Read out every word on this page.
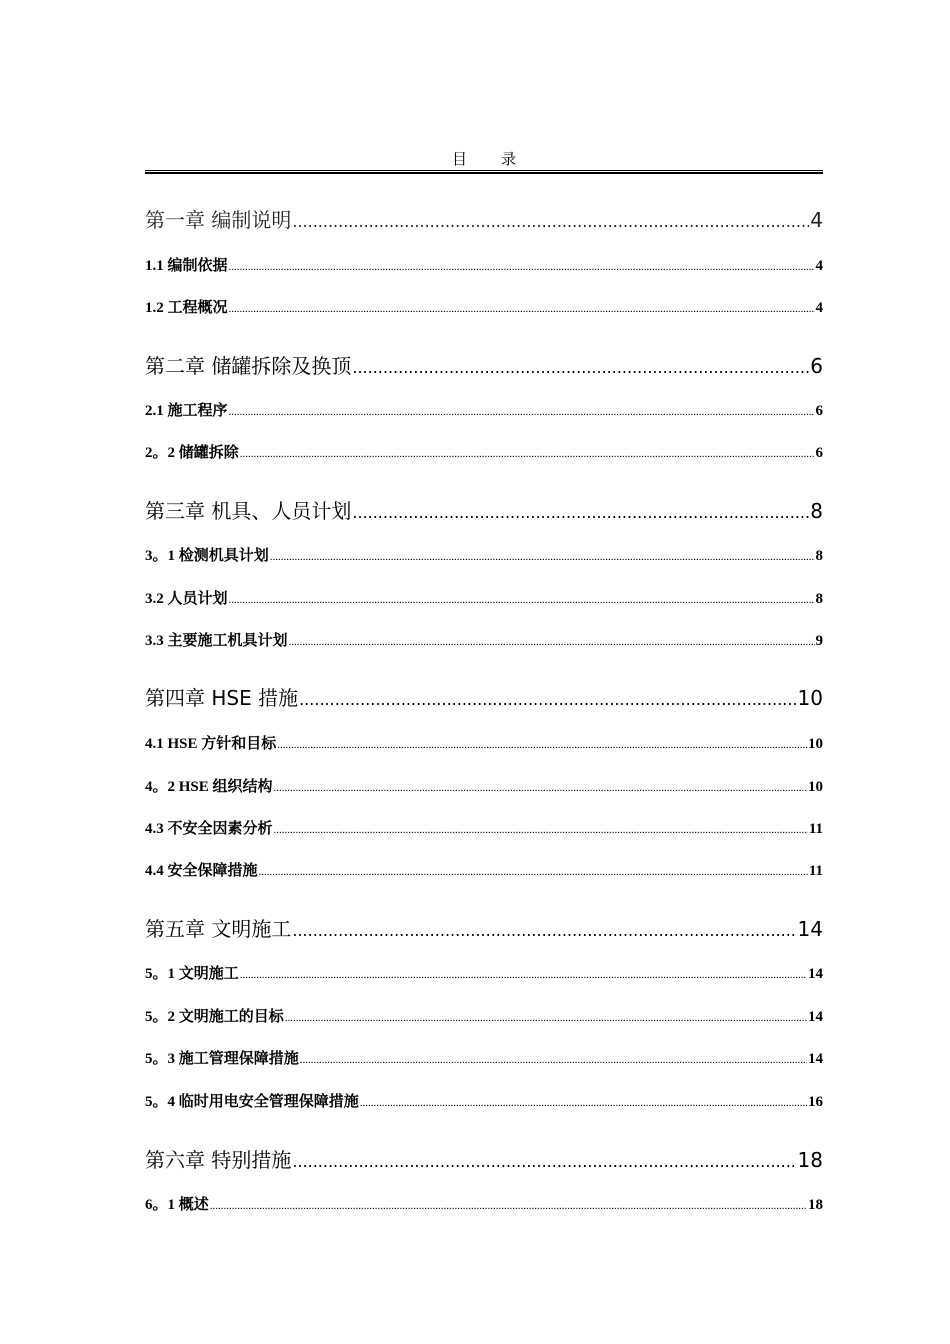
目 录
第一章 编制说明 .....	4
1.1 编制依据 .....	4
1.2 工程概况 .....	4
第二章 储罐拆除及换顶 .....	6
2.1 施工程序 .....	6
2。2 储罐拆除 .....	6
第三章 机具、人员计划 .....	8
3。1 检测机具计划 .....	8
3.2 人员计划 .....	8
3.3 主要施工机具计划 .....	9
第四章 HSE 措施 .....	10
4.1 HSE 方针和目标 .....	10
4。2 HSE 组织结构 .....	10
4.3 不安全因素分析 .....	11
4.4 安全保障措施 .....	11
第五章 文明施工 .....	14
5。1 文明施工 .....	14
5。2 文明施工的目标 .....	14
5。3 施工管理保障措施 .....	14
5。4 临时用电安全管理保障措施 .....	16
第六章 特别措施 .....	18
6。1 概述 .....	18
